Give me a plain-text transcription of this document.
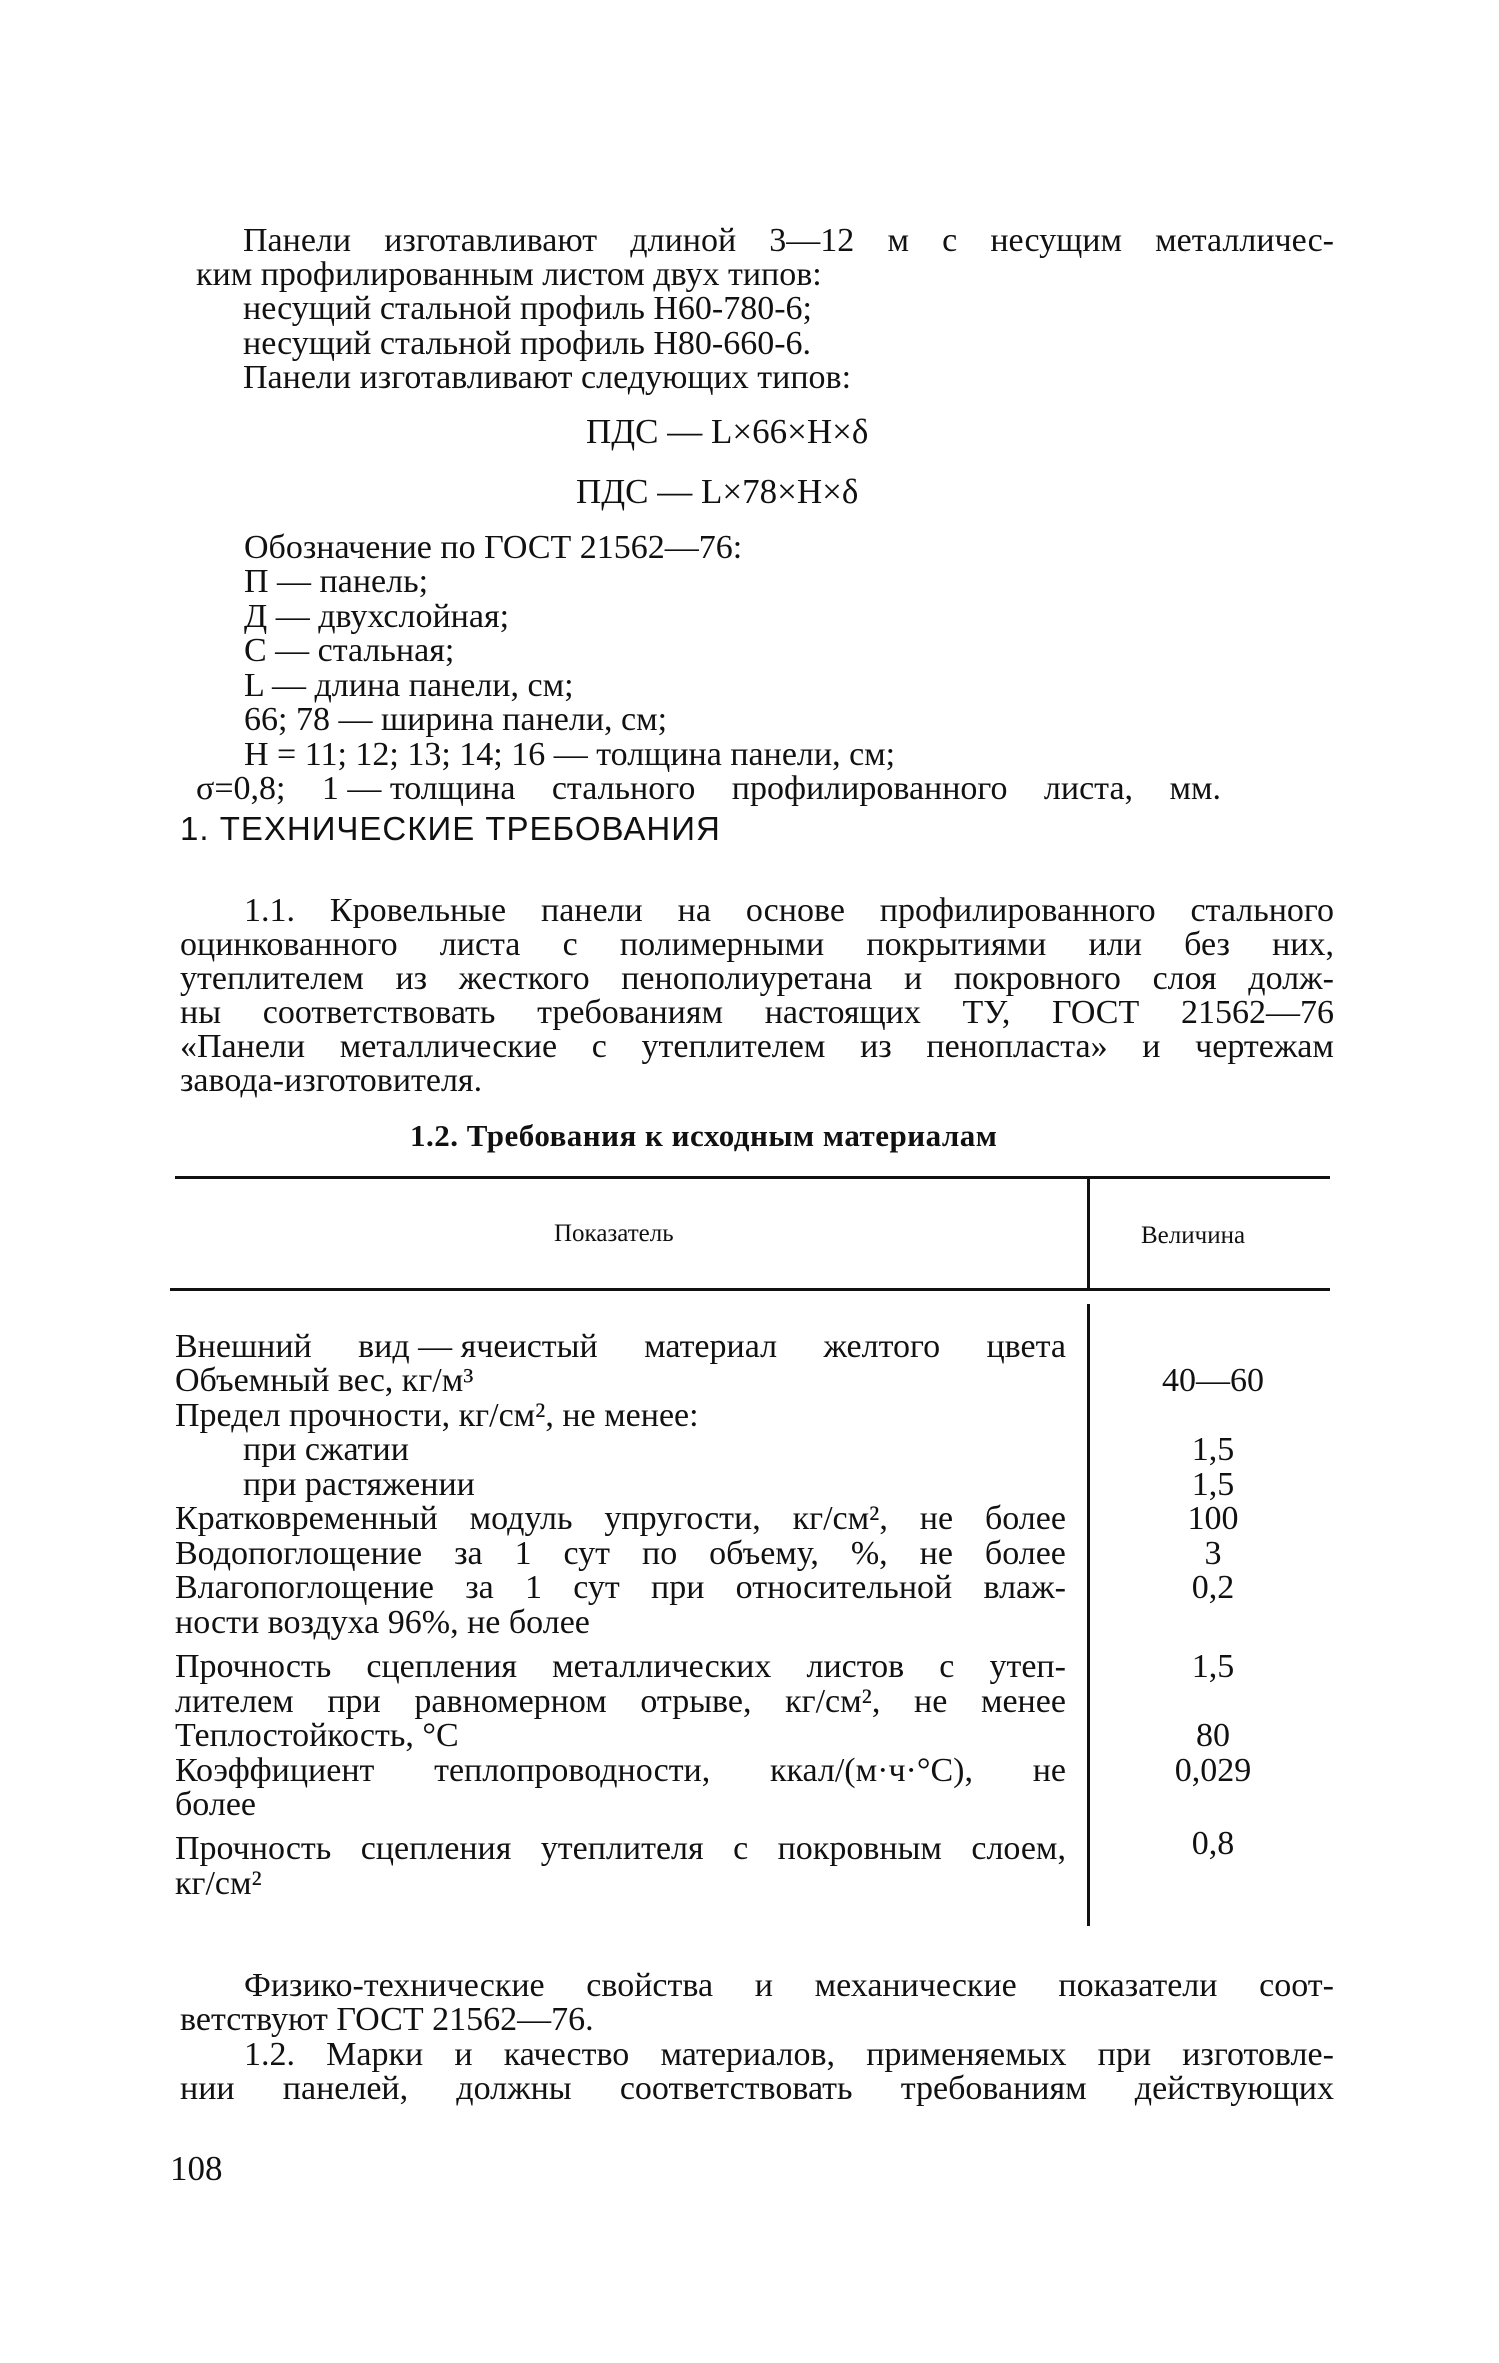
Панели изготавливают длиной 3—12 м с несущим металличес-
ким профилированным листом двух типов:
несущий стальной профиль Н60-780-6;
несущий стальной профиль Н80-660-6.
Панели изготавливают следующих типов:
ПДС — L×66×H×δ
ПДС — L×78×H×δ
Обозначение по ГОСТ 21562—76:
П — панель;
Д — двухслойная;
С — стальная;
L — длина панели, см;
66; 78 — ширина панели, см;
H = 11; 12; 13; 14; 16 — толщина панели, см;
σ=0,8; 1 — толщина стального профилированного листа, мм.
1. ТЕХНИЧЕСКИЕ ТРЕБОВАНИЯ
1.1. Кровельные панели на основе профилированного стального
оцинкованного листа с полимерными покрытиями или без них,
утеплителем из жесткого пенополиуретана и покровного слоя долж-
ны соответствовать требованиям настоящих ТУ, ГОСТ 21562—76
«Панели металлические с утеплителем из пенопласта» и чертежам
завода-изготовителя.
1.2. Требования к исходным материалам
Показатель	Величина
Внешний вид — ячеистый материал желтого цвета
Объемный вес, кг/м³	40—60
Предел прочности, кг/см², не менее:
при сжатии	1,5
при растяжении	1,5
Кратковременный модуль упругости, кг/см², не более	100
Водопоглощение за 1 сут по объему, %, не более	3
Влагопоглощение за 1 сут при относительной влаж-	0,2
ности воздуха 96%, не более
Прочность сцепления металлических листов с утеп-	1,5
лителем при равномерном отрыве, кг/см², не менее
Теплостойкость, °С	80
Коэффициент теплопроводности, ккал/(м·ч·°С), не	0,029
более
Прочность сцепления утеплителя с покровным слоем,	0,8
кг/см²
Физико-технические свойства и механические показатели соот-
ветствуют ГОСТ 21562—76.
1.2. Марки и качество материалов, применяемых при изготовле-
нии панелей, должны соответствовать требованиям действующих
108
